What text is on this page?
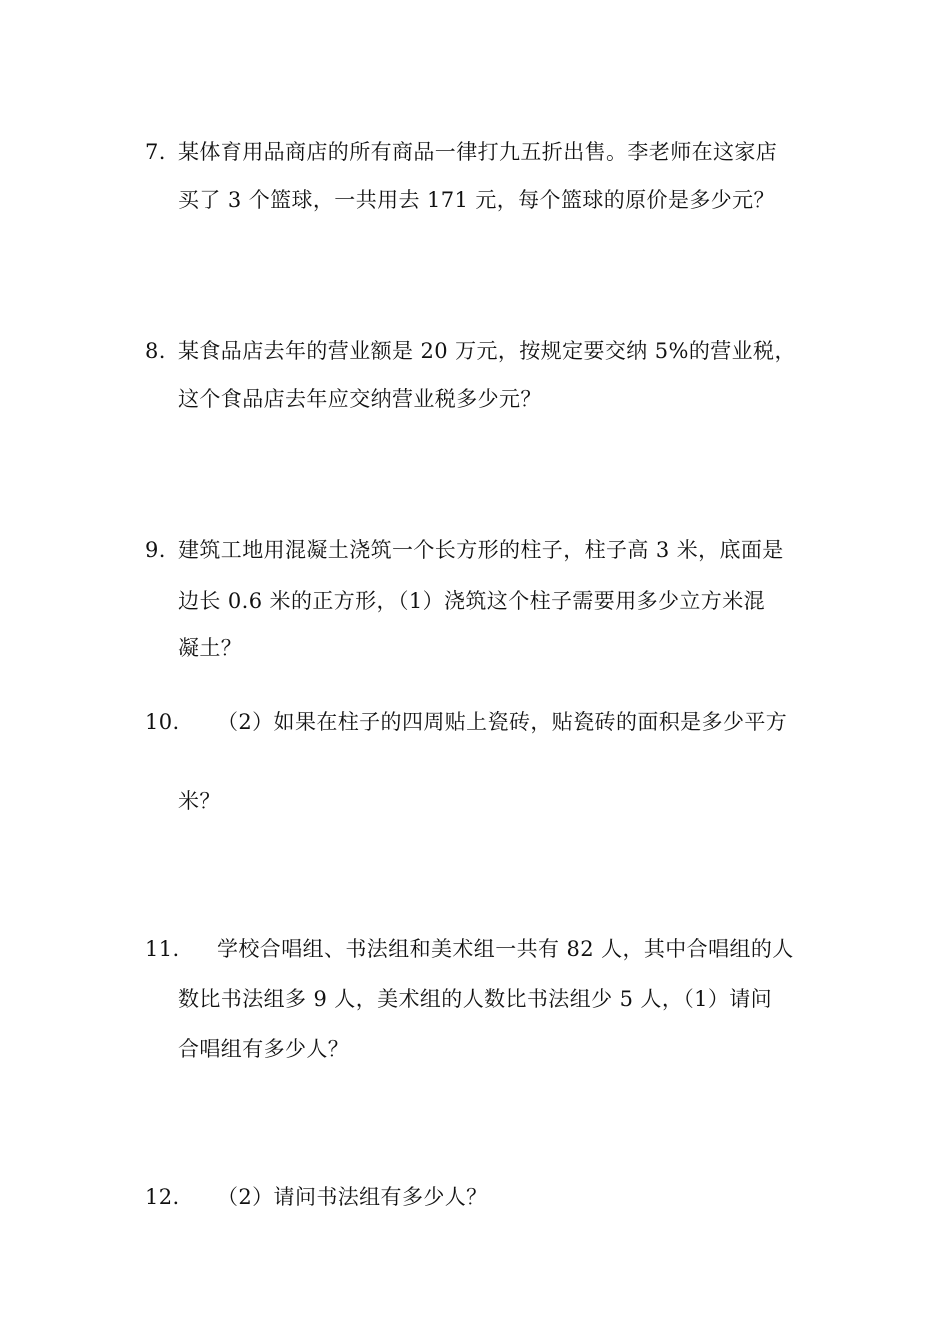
7. 某体育用品商店的所有商品一律打九五折出售。李老师在这家店
买了 3 个篮球，一共用去 171 元，每个篮球的原价是多少元？
8. 某食品店去年的营业额是 20 万元，按规定要交纳 5%的营业税，
这个食品店去年应交纳营业税多少元？
9. 建筑工地用混凝土浇筑一个长方形的柱子，柱子高 3 米，底面是
边长 0.6 米的正方形，（1）浇筑这个柱子需要用多少立方米混
凝土？
10. （2）如果在柱子的四周贴上瓷砖，贴瓷砖的面积是多少平方
米？
11. 学校合唱组、书法组和美术组一共有 82 人，其中合唱组的人
数比书法组多 9 人，美术组的人数比书法组少 5 人，（1）请问
合唱组有多少人？
12. （2）请问书法组有多少人？
